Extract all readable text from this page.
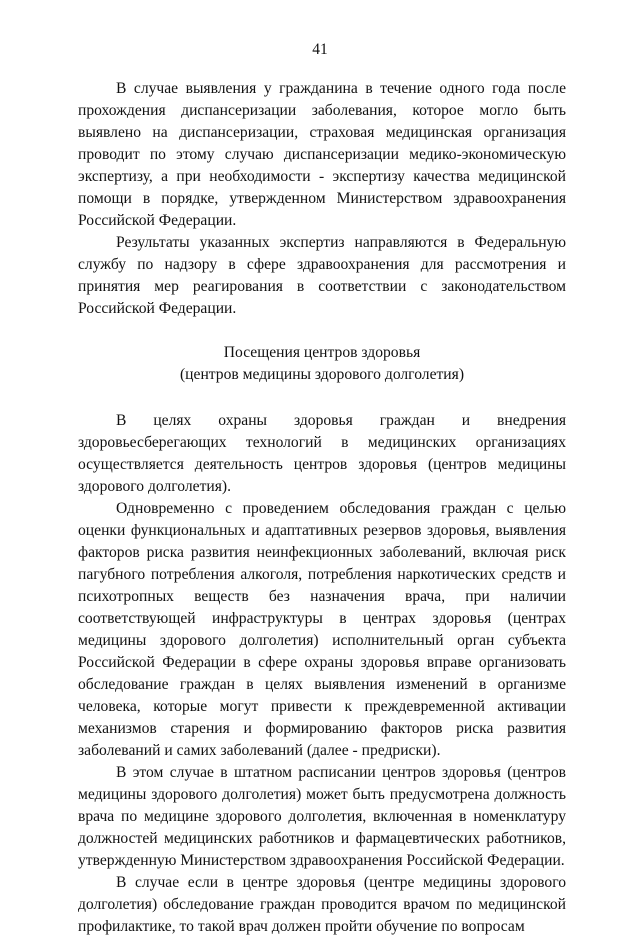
41

В случае выявления у гражданина в течение одного года после прохождения диспансеризации заболевания, которое могло быть выявлено на диспансеризации, страховая медицинская организация проводит по этому случаю диспансеризации медико-экономическую экспертизу, а при необходимости - экспертизу качества медицинской помощи в порядке, утвержденном Министерством здравоохранения Российской Федерации.

Результаты указанных экспертиз направляются в Федеральную службу по надзору в сфере здравоохранения для рассмотрения и принятия мер реагирования в соответствии с законодательством Российской Федерации.

Посещения центров здоровья

(центров медицины здорового долголетия)

В целях охраны здоровья граждан и внедрения здоровьесберегающих технологий в медицинских организациях осуществляется деятельность центров здоровья (центров медицины здорового долголетия).

Одновременно с проведением обследования граждан с целью оценки функциональных и адаптативных резервов здоровья, выявления факторов риска развития неинфекционных заболеваний, включая риск пагубного потребления алкоголя, потребления наркотических средств и психотропных веществ без назначения врача, при наличии соответствующей инфраструктуры в центрах здоровья (центрах медицины здорового долголетия) исполнительный орган субъекта Российской Федерации в сфере охраны здоровья вправе организовать обследование граждан в целях выявления изменений в организме человека, которые могут привести к преждевременной активации механизмов старения и формированию факторов риска развития заболеваний и самих заболеваний (далее - предриски).

В этом случае в штатном расписании центров здоровья (центров медицины здорового долголетия) может быть предусмотрена должность врача по медицине здорового долголетия, включенная в номенклатуру должностей медицинских работников и фармацевтических работников, утвержденную Министерством здравоохранения Российской Федерации.

В случае если в центре здоровья (центре медицины здорового долголетия) обследование граждан проводится врачом по медицинской профилактике, то такой врач должен пройти обучение по вопросам
